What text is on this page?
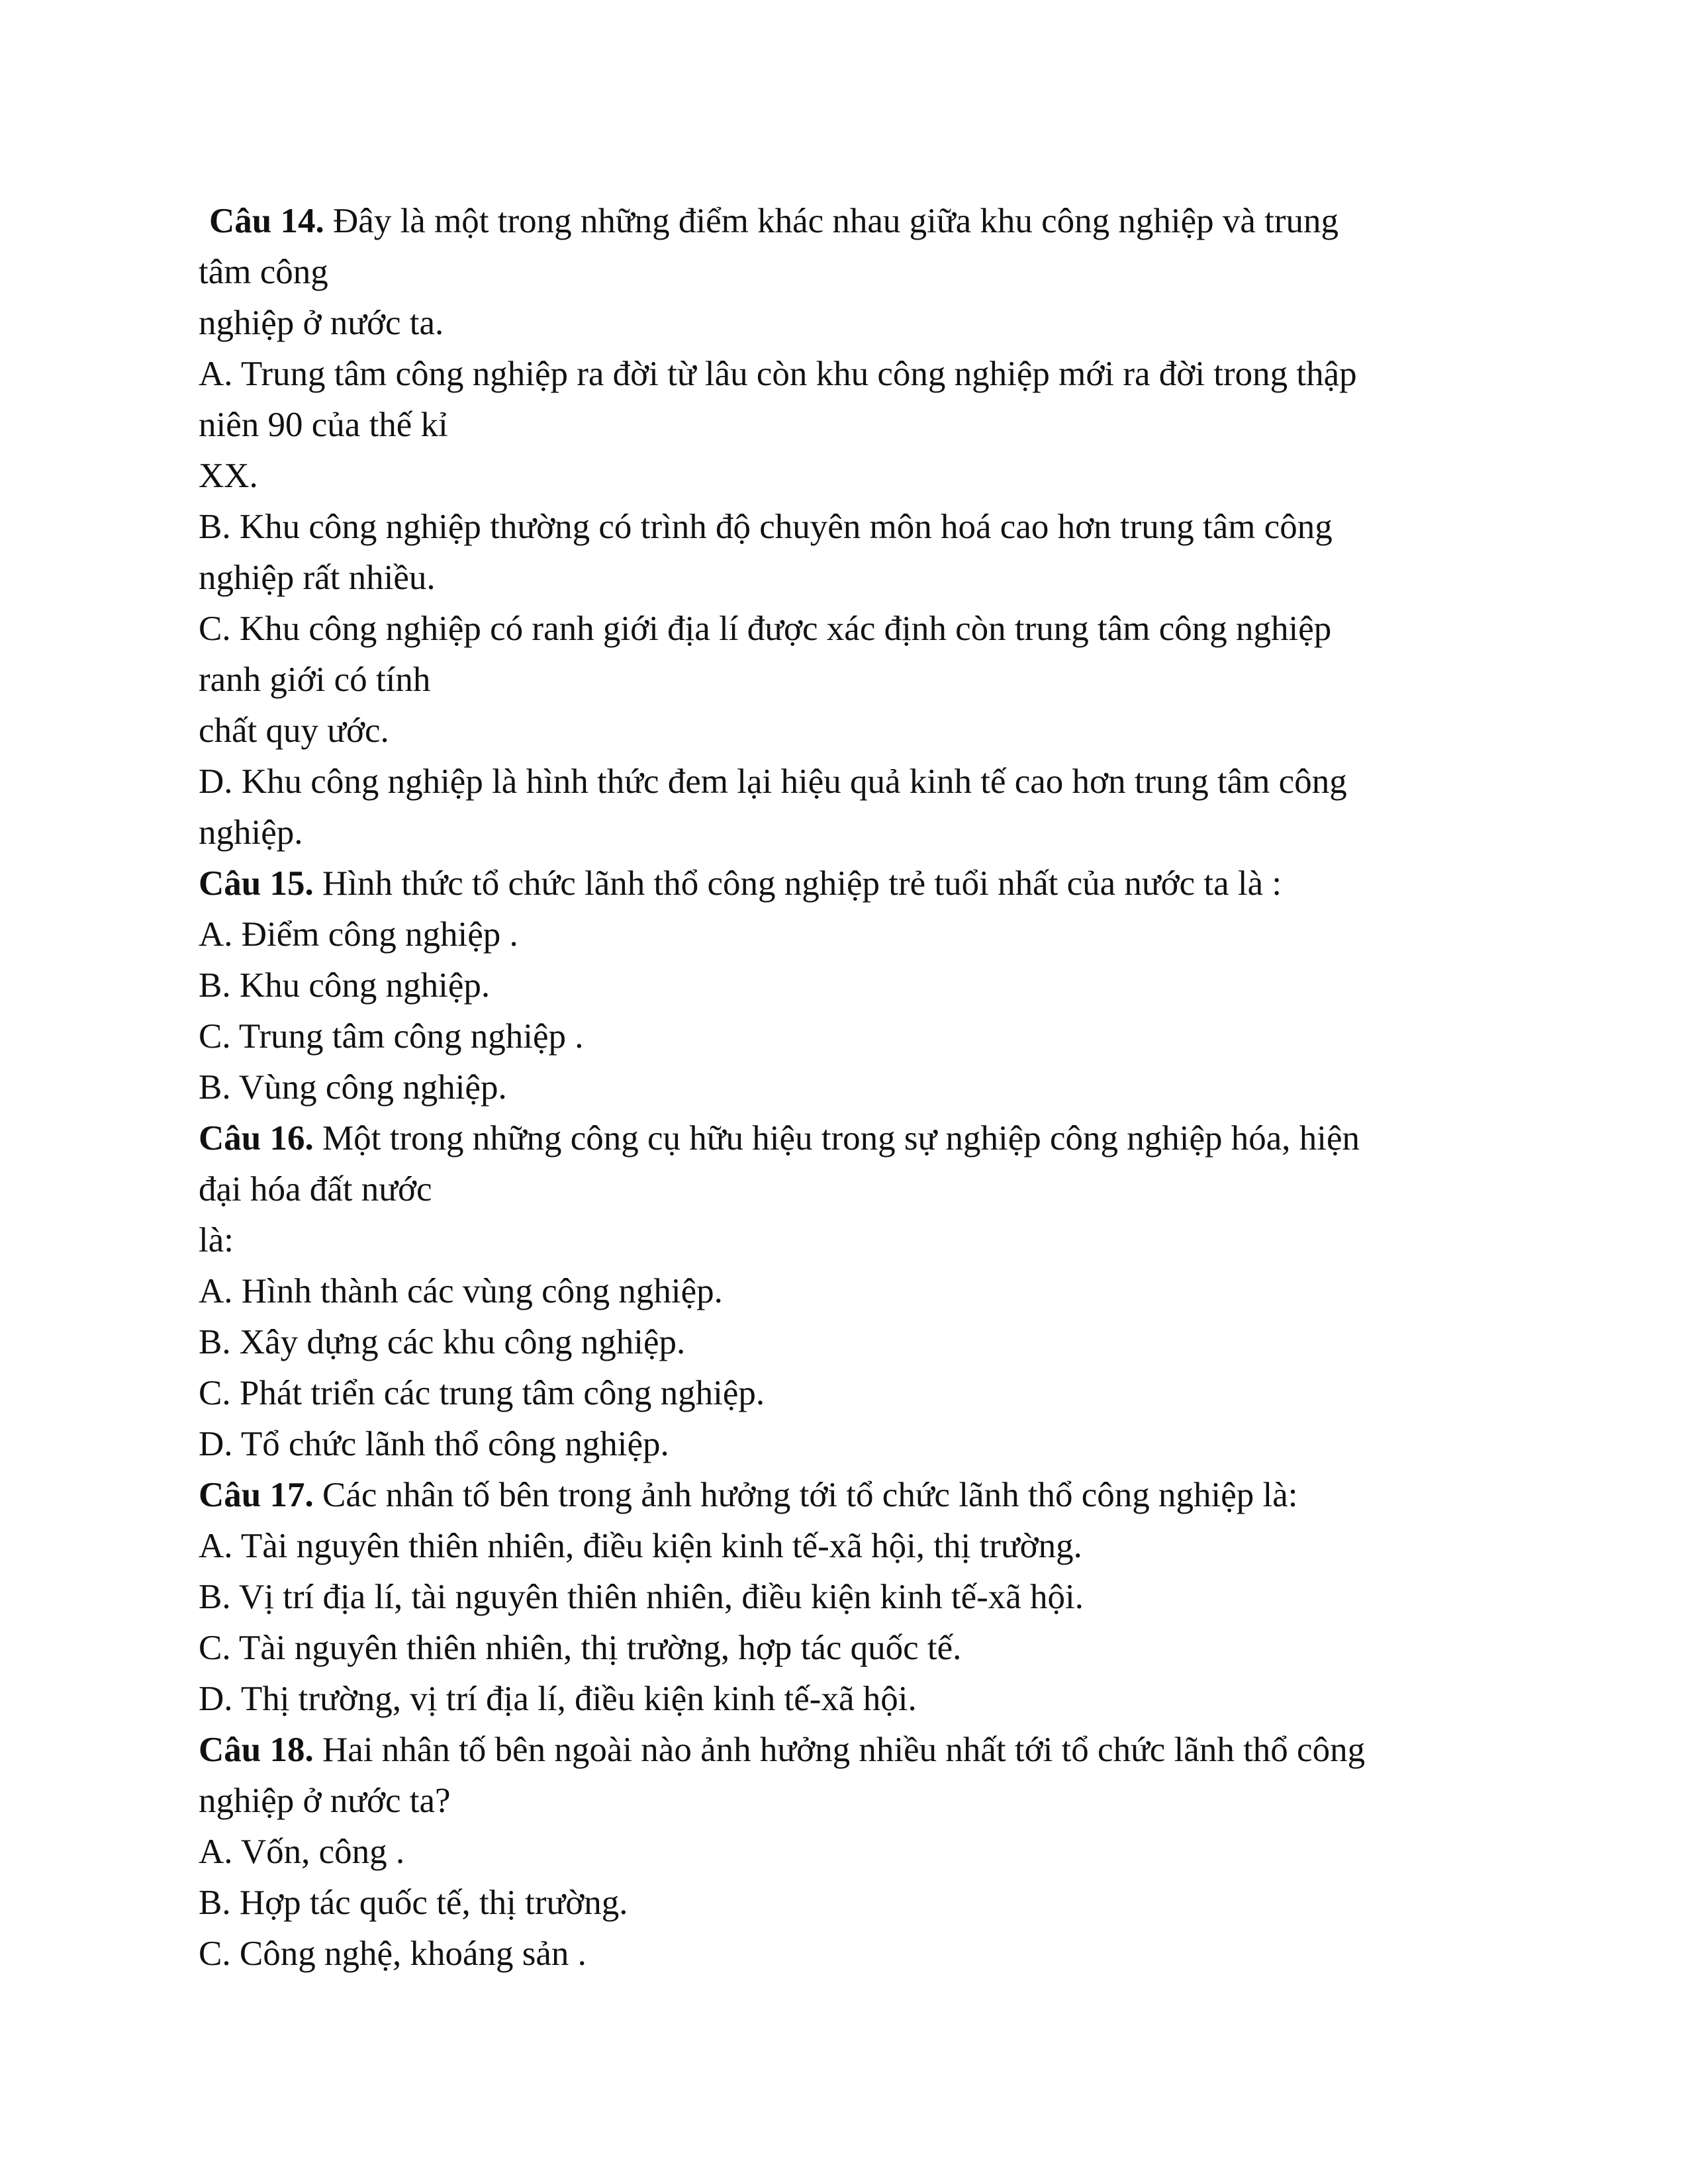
Câu 14. Đây là một trong những điểm khác nhau giữa khu công nghiệp và trung
tâm công
nghiệp ở nước ta.
A. Trung tâm công nghiệp ra đời từ lâu còn khu công nghiệp mới ra đời trong thập
niên 90 của thế kỉ
XX.
B. Khu công nghiệp thường có trình độ chuyên môn hoá cao hơn trung tâm công
nghiệp rất nhiều.
C. Khu công nghiệp có ranh giới địa lí được xác định còn trung tâm công nghiệp
ranh giới có tính
chất quy ước.
D. Khu công nghiệp là hình thức đem lại hiệu quả kinh tế cao hơn trung tâm công
nghiệp.
Câu 15. Hình thức tổ chức lãnh thổ công nghiệp trẻ tuổi nhất của nước ta là :
A. Điểm công nghiệp .
B. Khu công nghiệp.
C. Trung tâm công nghiệp .
B. Vùng công nghiệp.
Câu 16. Một trong những công cụ hữu hiệu trong sự nghiệp công nghiệp hóa, hiện
đại hóa đất nước
là:
A. Hình thành các vùng công nghiệp.
B. Xây dựng các khu công nghiệp.
C. Phát triển các trung tâm công nghiệp.
D. Tổ chức lãnh thổ công nghiệp.
Câu 17. Các nhân tố bên trong ảnh hưởng tới tổ chức lãnh thổ công nghiệp là:
A. Tài nguyên thiên nhiên, điều kiện kinh tế-xã hội, thị trường.
B. Vị trí địa lí, tài nguyên thiên nhiên, điều kiện kinh tế-xã hội.
C. Tài nguyên thiên nhiên, thị trường, hợp tác quốc tế.
D. Thị trường, vị trí địa lí, điều kiện kinh tế-xã hội.
Câu 18. Hai nhân tố bên ngoài nào ảnh hưởng nhiều nhất tới tổ chức lãnh thổ công
nghiệp ở nước ta?
A. Vốn, công .
B. Hợp tác quốc tế, thị trường.
C. Công nghệ, khoáng sản .
